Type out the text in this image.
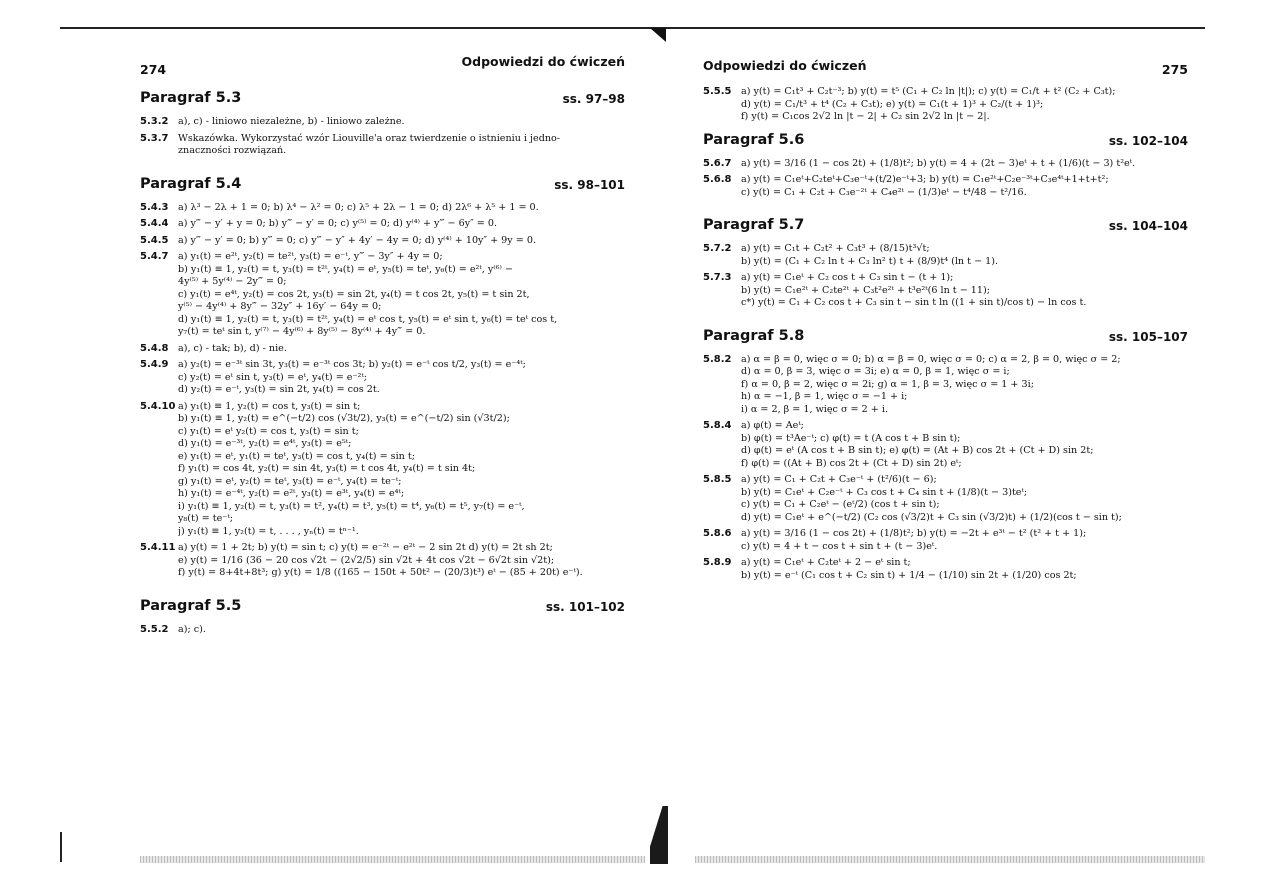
274
Odpowiedzi do ćwiczeń
Paragraf 5.3	ss. 97–98
5.3.2 a), c) - liniowo niezależne, b) - liniowo zależne.
5.3.7 Wskazówka. Wykorzystać wzór Liouville'a oraz twierdzenie o istnieniu i jedno-
znaczności rozwiązań.
Paragraf 5.4	ss. 98–101
5.4.3 a) λ³ − 2λ + 1 = 0; b) λ⁴ − λ² = 0; c) λ⁵ + 2λ − 1 = 0; d) 2λ⁶ + λ⁵ + 1 = 0.
5.4.4 a) y‴ − y′ + y = 0; b) y‴ − y′ = 0; c) y⁽⁵⁾ = 0; d) y⁽⁴⁾ + y‴ − 6y″ = 0.
5.4.5 a) y‴ − y′ = 0; b) y‴ = 0; c) y‴ − y″ + 4y′ − 4y = 0; d) y⁽⁴⁾ + 10y″ + 9y = 0.
5.4.7 a) y₁(t) = e²ᵗ, y₂(t) = te²ᵗ, y₃(t) = e⁻ᵗ, y‴ − 3y″ + 4y = 0;
b) y₁(t) ≡ 1, y₂(t) = t, y₃(t) = t²ᵗ, y₄(t) = eᵗ, y₅(t) = teᵗ, y₆(t) = e²ᵗ, y⁽⁶⁾ −
4y⁽⁵⁾ + 5y⁽⁴⁾ − 2y‴ = 0;
c) y₁(t) = e⁴ᵗ, y₂(t) = cos 2t, y₃(t) = sin 2t, y₄(t) = t cos 2t, y₅(t) = t sin 2t,
y⁽⁵⁾ − 4y⁽⁴⁾ + 8y‴ − 32y″ + 16y′ − 64y = 0;
d) y₁(t) ≡ 1, y₂(t) = t, y₃(t) = t²ᵗ, y₄(t) = eᵗ cos t, y₅(t) = eᵗ sin t, y₆(t) = teᵗ cos t,
y₇(t) = teᵗ sin t, y⁽⁷⁾ − 4y⁽⁶⁾ + 8y⁽⁵⁾ − 8y⁽⁴⁾ + 4y‴ = 0.
5.4.8 a), c) - tak; b), d) - nie.
5.4.9 a) y₂(t) = e⁻³ᵗ sin 3t, y₃(t) = e⁻³ᵗ cos 3t; b) y₂(t) = e⁻ᵗ cos t/2, y₃(t) = e⁻⁴ᵗ;
c) y₂(t) = eᵗ sin t, y₃(t) = eᵗ, y₄(t) = e⁻²ᵗ;
d) y₂(t) = e⁻ᵗ, y₃(t) = sin 2t, y₄(t) = cos 2t.
5.4.10 a) y₁(t) ≡ 1, y₂(t) = cos t, y₃(t) = sin t;
b) y₁(t) ≡ 1, y₂(t) = e^(−t/2) cos (√3t/2), y₃(t) = e^(−t/2) sin (√3t/2);
c) y₁(t) = eᵗ y₂(t) = cos t, y₃(t) = sin t;
d) y₁(t) = e⁻³ᵗ, y₂(t) = e⁴ᵗ, y₃(t) = e⁵ᵗ;
e) y₁(t) = eᵗ, y₁(t) = teᵗ, y₃(t) = cos t, y₄(t) = sin t;
f) y₁(t) = cos 4t, y₂(t) = sin 4t, y₃(t) = t cos 4t, y₄(t) = t sin 4t;
g) y₁(t) = eᵗ, y₂(t) = teᵗ, y₃(t) = e⁻ᵗ, y₄(t) = te⁻ᵗ;
h) y₁(t) = e⁻⁴ᵗ, y₂(t) = e²ᵗ, y₃(t) = e³ᵗ, y₄(t) = e⁴ᵗ;
i) y₁(t) ≡ 1, y₂(t) = t, y₃(t) = t², y₄(t) = t³, y₅(t) = t⁴, y₆(t) = t⁵, y₇(t) = e⁻ᵗ,
y₈(t) = te⁻ᵗ;
j) y₁(t) ≡ 1, y₂(t) = t, . . . , yₙ(t) = tⁿ⁻¹.
5.4.11 a) y(t) = 1 + 2t; b) y(t) = sin t; c) y(t) = e⁻²ᵗ − e²ᵗ − 2 sin 2t d) y(t) = 2t sh 2t;
e) y(t) = 1/16 (36 − 20 cos √2t − (2√2/5) sin √2t + 4t cos √2t − 6√2t sin √2t);
f) y(t) = 8+4t+8t³; g) y(t) = 1/8 ((165 − 150t + 50t² − (20/3)t³) eᵗ − (85 + 20t) e⁻ᵗ).
Paragraf 5.5	ss. 101–102
5.5.2 a); c).
Odpowiedzi do ćwiczeń	275
5.5.5 a) y(t) = C₁t³ + C₂t⁻³; b) y(t) = t⁵ (C₁ + C₂ ln |t|); c) y(t) = C₁/t + t² (C₂ + C₃t);
d) y(t) = C₁/t³ + t⁴ (C₂ + C₃t); e) y(t) = C₁(t + 1)³ + C₂/(t + 1)³;
f) y(t) = C₁cos 2√2 ln |t − 2| + C₂ sin 2√2 ln |t − 2|.
Paragraf 5.6	ss. 102–104
5.6.7 a) y(t) = 3/16 (1 − cos 2t) + (1/8)t²; b) y(t) = 4 + (2t − 3)eᵗ + t + (1/6)(t − 3) t²eᵗ.
5.6.8 a) y(t) = C₁eᵗ+C₂teᵗ+C₃e⁻ᵗ+(t/2)e⁻ᵗ+3; b) y(t) = C₁e²ᵗ+C₂e⁻³ᵗ+C₃e⁴ᵗ+1+t+t²;
c) y(t) = C₁ + C₂t + C₃e⁻²ᵗ + C₄e²ᵗ − (1/3)eᵗ − t⁴/48 − t²/16.
Paragraf 5.7	ss. 104–104
5.7.2 a) y(t) = C₁t + C₂t² + C₃t³ + (8/15)t³√t;
b) y(t) = (C₁ + C₂ ln t + C₃ ln² t) t + (8/9)t⁴ (ln t − 1).
5.7.3 a) y(t) = C₁eᵗ + C₂ cos t + C₃ sin t − (t + 1);
b) y(t) = C₁e²ᵗ + C₂te²ᵗ + C₃t²e²ᵗ + t³e²ᵗ(6 ln t − 11);
c*) y(t) = C₁ + C₂ cos t + C₃ sin t − sin t ln ((1 + sin t)/cos t) − ln cos t.
Paragraf 5.8	ss. 105–107
5.8.2 a) α = β = 0, więc σ = 0; b) α = β = 0, więc σ = 0; c) α = 2, β = 0, więc σ = 2;
d) α = 0, β = 3, więc σ = 3i; e) α = 0, β = 1, więc σ = i;
f) α = 0, β = 2, więc σ = 2i; g) α = 1, β = 3, więc σ = 1 + 3i;
h) α = −1, β = 1, więc σ = −1 + i;
i) α = 2, β = 1, więc σ = 2 + i.
5.8.4 a) φ(t) = Aeᵗ;
b) φ(t) = t³Ae⁻ᵗ; c) φ(t) = t (A cos t + B sin t);
d) φ(t) = eᵗ (A cos t + B sin t); e) φ(t) = (At + B) cos 2t + (Ct + D) sin 2t;
f) φ(t) = ((At + B) cos 2t + (Ct + D) sin 2t) eᵗ;
5.8.5 a) y(t) = C₁ + C₂t + C₃e⁻ᵗ + (t²/6)(t − 6);
b) y(t) = C₁eᵗ + C₂e⁻ᵗ + C₃ cos t + C₄ sin t + (1/8)(t − 3)teᵗ;
c) y(t) = C₁ + C₂eᵗ − (eᵗ/2) (cos t + sin t);
d) y(t) = C₁eᵗ + e^(−t/2) (C₂ cos (√3/2)t + C₃ sin (√3/2)t) + (1/2)(cos t − sin t);
5.8.6 a) y(t) = 3/16 (1 − cos 2t) + (1/8)t²; b) y(t) = −2t + e³ᵗ − t² (t² + t + 1);
c) y(t) = 4 + t − cos t + sin t + (t − 3)eᵗ.
5.8.9 a) y(t) = C₁eᵗ + C₂teᵗ + 2 − eᵗ sin t;
b) y(t) = e⁻ᵗ (C₁ cos t + C₂ sin t) + 1/4 − (1/10) sin 2t + (1/20) cos 2t;
